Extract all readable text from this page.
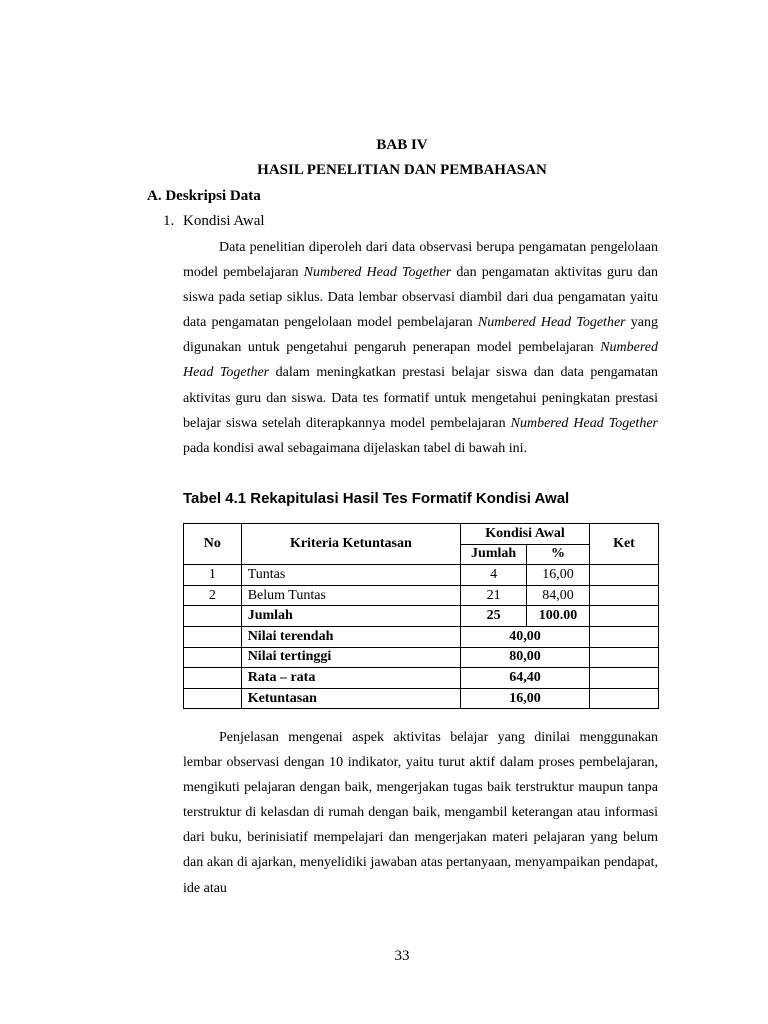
BAB IV
HASIL PENELITIAN DAN PEMBAHASAN
A. Deskripsi Data
1. Kondisi Awal

Data penelitian diperoleh dari data observasi berupa pengamatan pengelolaan model pembelajaran Numbered Head Together dan pengamatan aktivitas guru dan siswa pada setiap siklus. Data lembar observasi diambil dari dua pengamatan yaitu data pengamatan pengelolaan model pembelajaran Numbered Head Together yang digunakan untuk pengetahui pengaruh penerapan model pembelajaran Numbered Head Together dalam meningkatkan prestasi belajar siswa dan data pengamatan aktivitas guru dan siswa. Data tes formatif untuk mengetahui peningkatan prestasi belajar siswa setelah diterapkannya model pembelajaran Numbered Head Together pada kondisi awal sebagaimana dijelaskan tabel di bawah ini.

Tabel 4.1 Rekapitulasi Hasil Tes Formatif Kondisi Awal
No	Kriteria Ketuntasan	Kondisi Awal		Ket
		Jumlah	%	
1	Tuntas	4	16,00	
2	Belum Tuntas	21	84,00	
	Jumlah	25	100.00	
	Nilai terendah	40,00		
	Nilai tertinggi	80,00		
	Rata – rata	64,40		
	Ketuntasan	16,00		

Penjelasan mengenai aspek aktivitas belajar yang dinilai menggunakan lembar observasi dengan 10 indikator, yaitu turut aktif dalam proses pembelajaran, mengikuti pelajaran dengan baik, mengerjakan tugas baik terstruktur maupun tanpa terstruktur di kelasdan di rumah dengan baik, mengambil keterangan atau informasi dari buku, berinisiatif mempelajari dan mengerjakan materi pelajaran yang belum dan akan di ajarkan, menyelidiki jawaban atas pertanyaan, menyampaikan pendapat, ide atau

33
